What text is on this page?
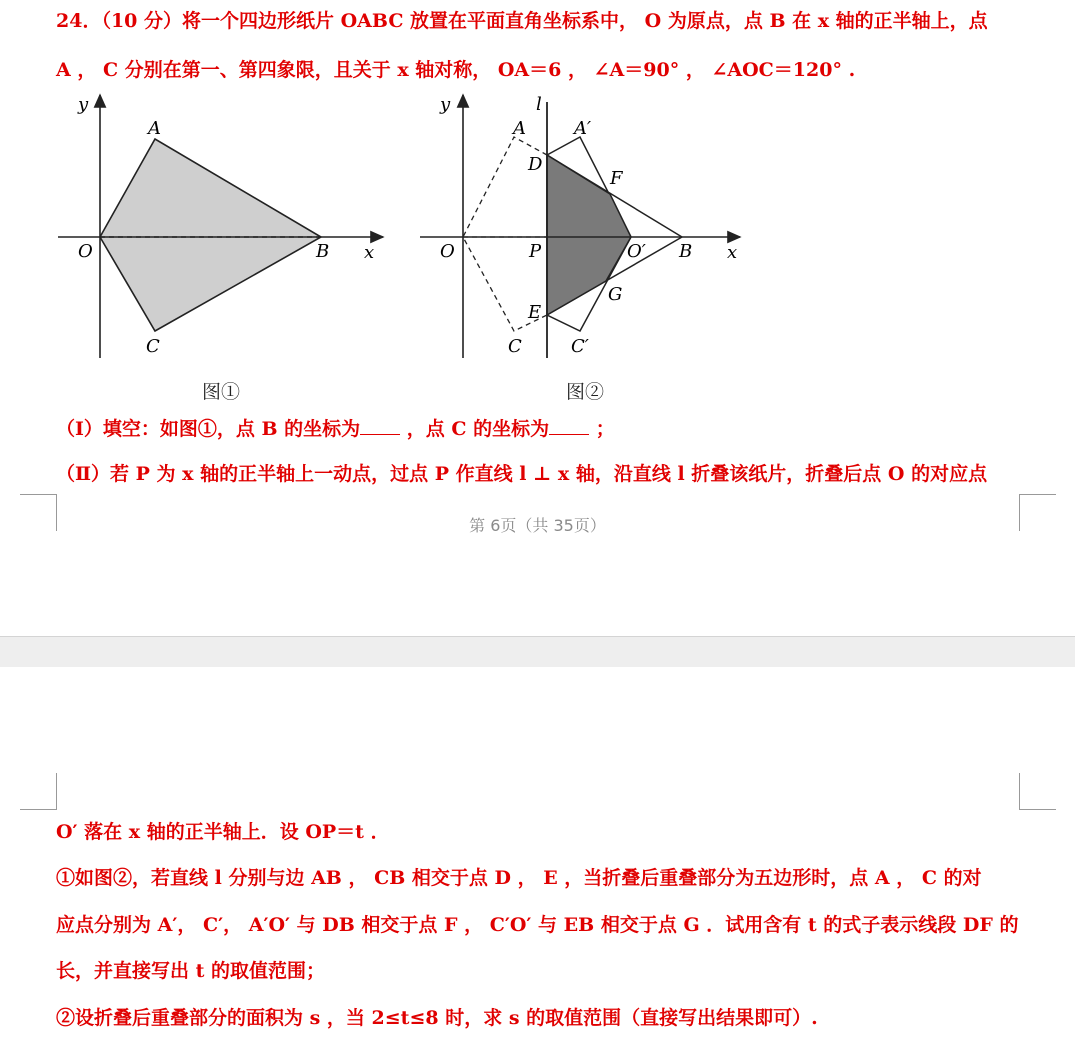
24．（10 分）将一个四边形纸片 OABC 放置在平面直角坐标系中， O 为原点，点 B 在 x 轴的正半轴上，点
A ， C 分别在第一、第四象限，且关于 x 轴对称， OA＝6 ， ∠A＝90° ， ∠AOC＝120° .
y
x
O
A
B
C
图①
y	l
x
A	A′
D
F
O	P	O′ B
G
E
C	C′
图②
（Ⅰ）填空：如图①，点 B 的坐标为 ，点 C 的坐标为 ；
（Ⅱ）若 P 为 x 轴的正半轴上一动点，过点 P 作直线 l ⊥ x 轴，沿直线 l 折叠该纸片，折叠后点 O 的对应点
第 6页（共 35页）
O′ 落在 x 轴的正半轴上．设 OP＝t ．
①如图②，若直线 l 分别与边 AB ， CB 相交于点 D ， E ，当折叠后重叠部分为五边形时，点 A ， C 的对
应点分别为 A′， C′， A′O′ 与 DB 相交于点 F ， C′O′ 与 EB 相交于点 G ．试用含有 t 的式子表示线段 DF 的
长，并直接写出 t 的取值范围；
②设折叠后重叠部分的面积为 s ，当 2≤t≤8 时，求 s 的取值范围（直接写出结果即可）.
